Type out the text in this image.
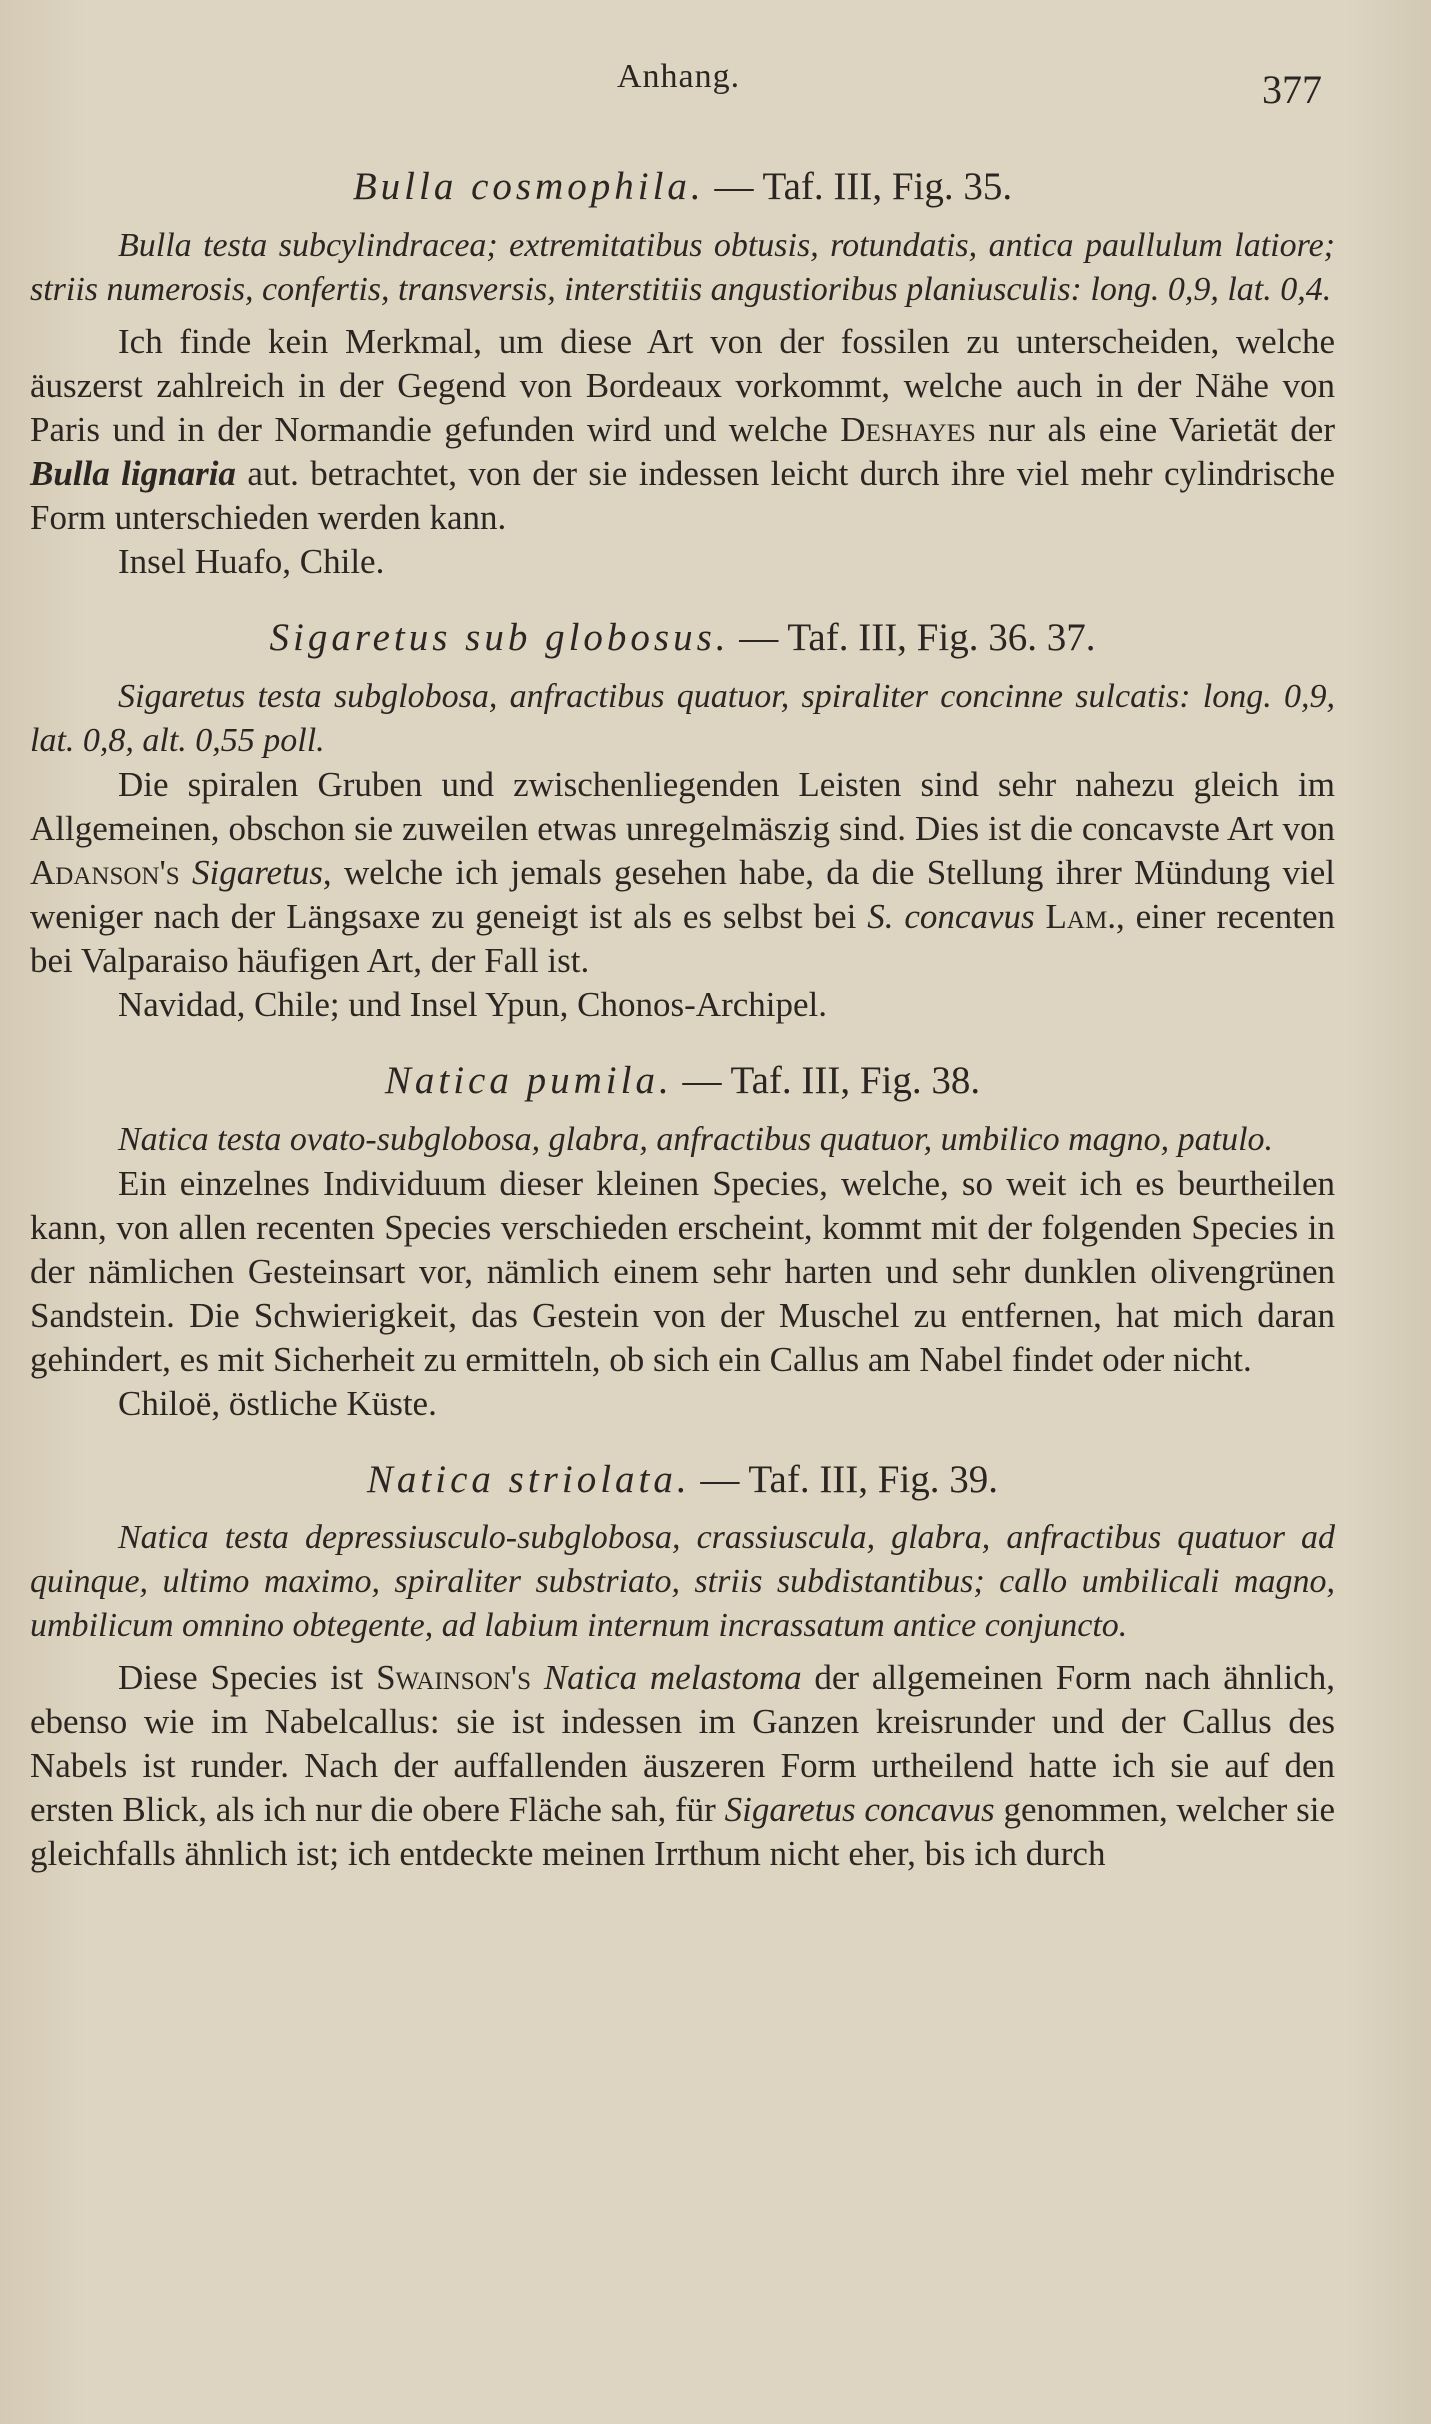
Anhang.	377

Bulla cosmophila. — Taf. III, Fig. 35.

Bulla testa subcylindracea; extremitatibus obtusis, rotundatis, antica paullulum latiore; striis numerosis, confertis, transversis, interstitiis angustioribus planiusculis: long. 0,9, lat. 0,4.

Ich finde kein Merkmal, um diese Art von der fossilen zu unterscheiden, welche äuszerst zahlreich in der Gegend von Bordeaux vorkommt, welche auch in der Nähe von Paris und in der Normandie gefunden wird und welche Deshayes nur als eine Varietät der Bulla lignaria aut. betrachtet, von der sie indessen leicht durch ihre viel mehr cylindrische Form unterschieden werden kann.

Insel Huafo, Chile.

Sigaretus sub globosus. — Taf. III, Fig. 36. 37.

Sigaretus testa subglobosa, anfractibus quatuor, spiraliter concinne sulcatis: long. 0,9, lat. 0,8, alt. 0,55 poll.

Die spiralen Gruben und zwischenliegenden Leisten sind sehr nahezu gleich im Allgemeinen, obschon sie zuweilen etwas unregelmäszig sind. Dies ist die concavste Art von Adanson's Sigaretus, welche ich jemals gesehen habe, da die Stellung ihrer Mündung viel weniger nach der Längsaxe zu geneigt ist als es selbst bei S. concavus Lam., einer recenten bei Valparaiso häufigen Art, der Fall ist.

Navidad, Chile; und Insel Ypun, Chonos-Archipel.

Natica pumila. — Taf. III, Fig. 38.

Natica testa ovato-subglobosa, glabra, anfractibus quatuor, umbilico magno, patulo.

Ein einzelnes Individuum dieser kleinen Species, welche, so weit ich es beurtheilen kann, von allen recenten Species verschieden erscheint, kommt mit der folgenden Species in der nämlichen Gesteinsart vor, nämlich einem sehr harten und sehr dunklen olivengrünen Sandstein. Die Schwierigkeit, das Gestein von der Muschel zu entfernen, hat mich daran gehindert, es mit Sicherheit zu ermitteln, ob sich ein Callus am Nabel findet oder nicht.

Chiloë, östliche Küste.

Natica striolata. — Taf. III, Fig. 39.

Natica testa depressiusculo-subglobosa, crassiuscula, glabra, anfractibus quatuor ad quinque, ultimo maximo, spiraliter substriato, striis subdistantibus; callo umbilicali magno, umbilicum omnino obtegente, ad labium internum incrassatum antice conjuncto.

Diese Species ist Swainson's Natica melastoma der allgemeinen Form nach ähnlich, ebenso wie im Nabelcallus: sie ist indessen im Ganzen kreisrunder und der Callus des Nabels ist runder. Nach der auffallenden äuszeren Form urtheilend hatte ich sie auf den ersten Blick, als ich nur die obere Fläche sah, für Sigaretus concavus genommen, welcher sie gleichfalls ähnlich ist; ich entdeckte meinen Irrthum nicht eher, bis ich durch
